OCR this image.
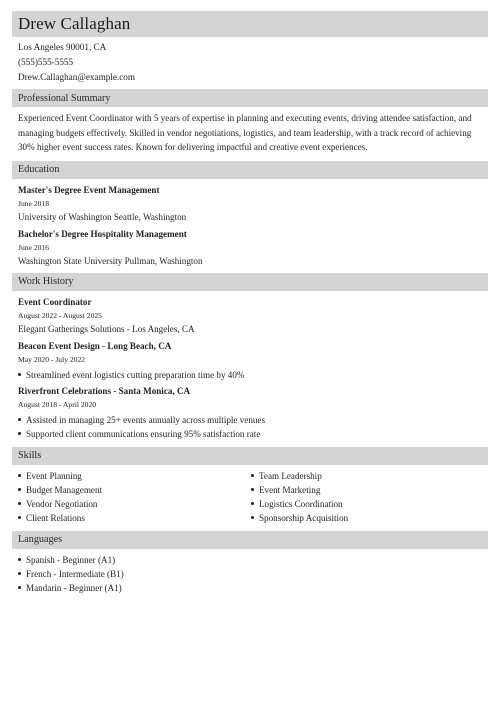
Drew Callaghan
Los Angeles 90001, CA
(555)555-5555
Drew.Callaghan@example.com
Professional Summary
Experienced Event Coordinator with 5 years of expertise in planning and executing events, driving attendee satisfaction, and managing budgets effectively. Skilled in vendor negotiations, logistics, and team leadership, with a track record of achieving 30% higher event success rates. Known for delivering impactful and creative event experiences.
Education
Master's Degree Event Management
June 2018
University of Washington Seattle, Washington
Bachelor's Degree Hospitality Management
June 2016
Washington State University Pullman, Washington
Work History
Event Coordinator
August 2022 - August 2025
Elegant Gatherings Solutions - Los Angeles, CA
Beacon Event Design - Long Beach, CA
May 2020 - July 2022
Streamlined event logistics cutting preparation time by 40%
Riverfront Celebrations - Santa Monica, CA
August 2018 - April 2020
Assisted in managing 25+ events annually across multiple venues
Supported client communications ensuring 95% satisfaction rate
Skills
Event Planning
Budget Management
Vendor Negotiation
Client Relations
Team Leadership
Event Marketing
Logistics Coordination
Sponsorship Acquisition
Languages
Spanish - Beginner (A1)
French - Intermediate (B1)
Mandarin - Beginner (A1)
